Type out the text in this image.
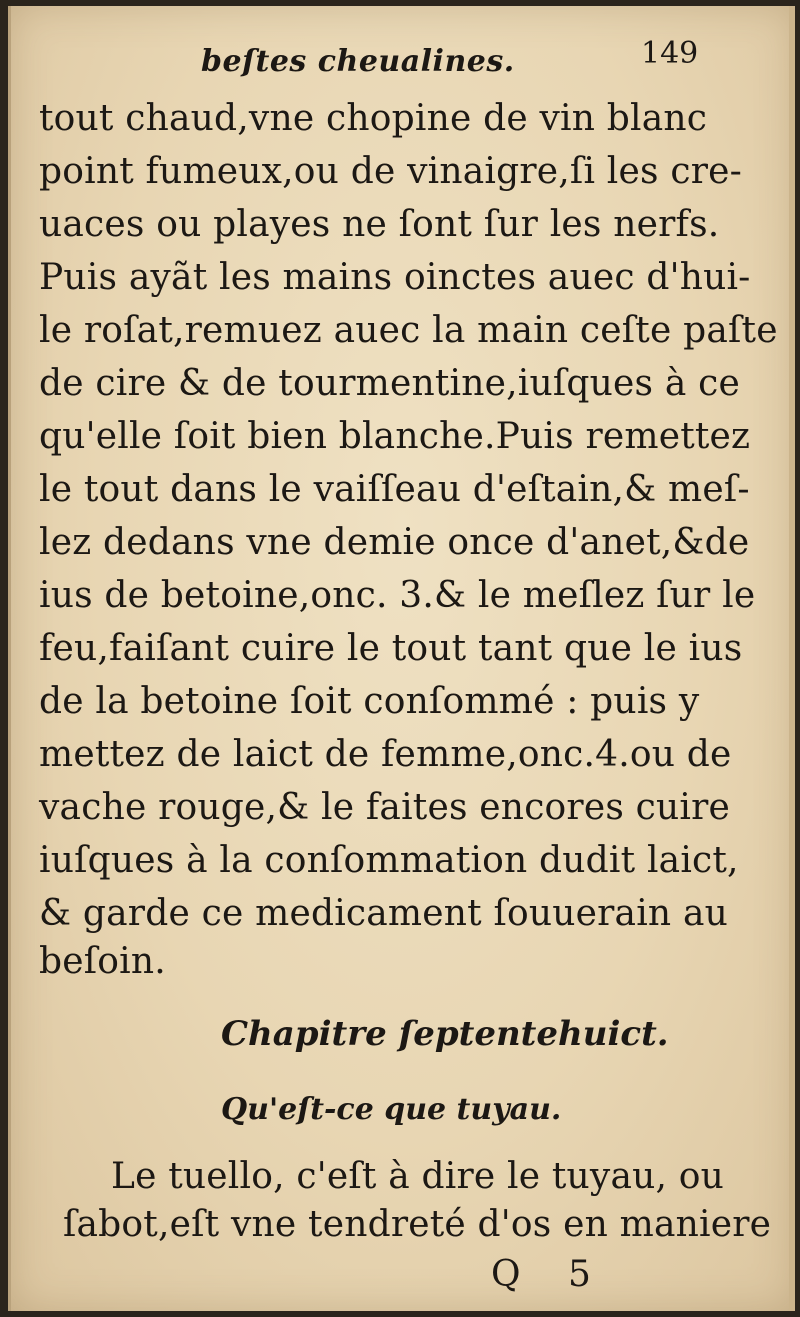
beſtes cheualines.	149
tout chaud,vne chopine de vin blanc
point fumeux,ou de vinaigre,ſi les cre-
uaces ou playes ne ſont ſur les nerfs.
Puis ayãt les mains oinctes auec d'hui-
le roſat,remuez auec la main ceſte paſte
de cire & de tourmentine,iuſques à ce
qu'elle ſoit bien blanche.Puis remettez
le tout dans le vaiſſeau d'eſtain,& meſ-
lez dedans vne demie once d'anet,&de
ius de betoine,onc. 3.& le meſlez ſur le
feu,faiſant cuire le tout tant que le ius
de la betoine ſoit conſommé : puis y
mettez de laict de femme,onc.4.ou de
vache rouge,& le faites encores cuire
iuſques à la conſommation dudit laict,
& garde ce medicament ſouuerain au
beſoin.
Chapitre ſeptentehuict.
Qu'eſt-ce que tuyau.
Le tuello, c'eſt à dire le tuyau, ou
ſabot,eſt vne tendreté d'os en maniere
Q 5
